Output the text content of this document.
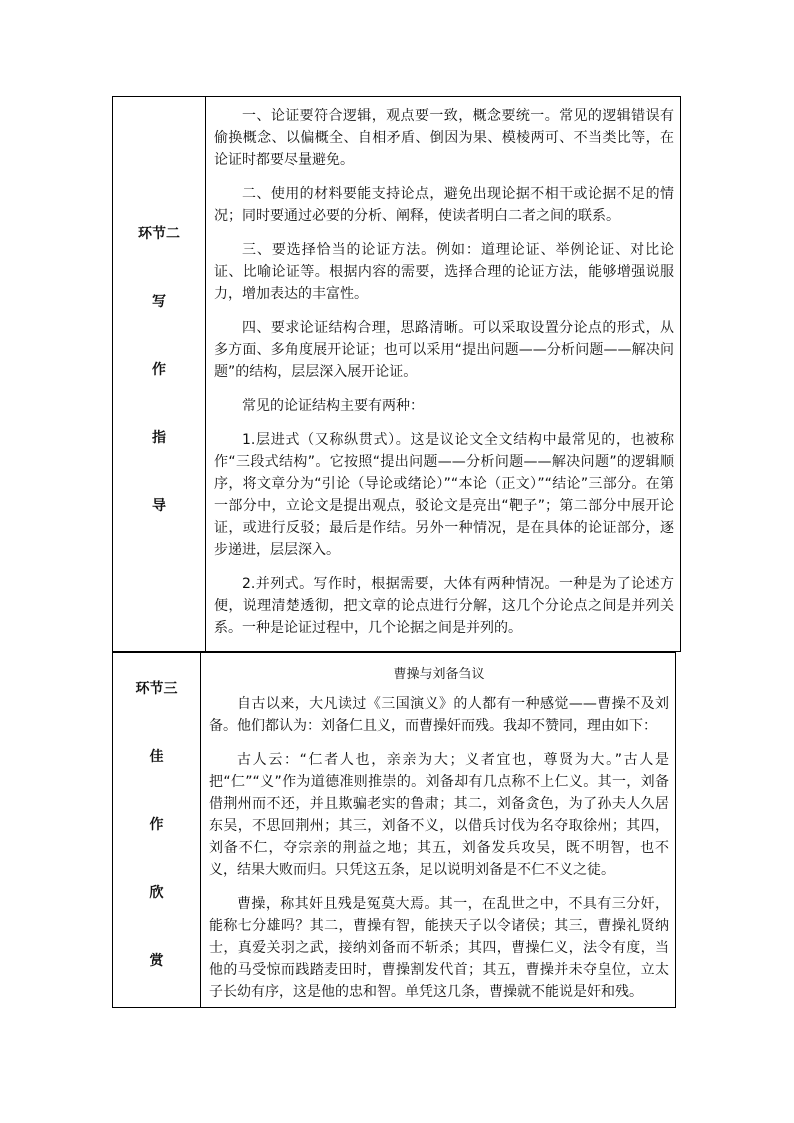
环节二
写
作
指
导

一、论证要符合逻辑，观点要一致，概念要统一。常见的逻辑错误有偷换概念、以偏概全、自相矛盾、倒因为果、模棱两可、不当类比等，在论证时都要尽量避免。

二、使用的材料要能支持论点，避免出现论据不相干或论据不足的情况；同时要通过必要的分析、阐释，使读者明白二者之间的联系。

三、要选择恰当的论证方法。例如：道理论证、举例论证、对比论证、比喻论证等。根据内容的需要，选择合理的论证方法，能够增强说服力，增加表达的丰富性。

四、要求论证结构合理，思路清晰。可以采取设置分论点的形式，从多方面、多角度展开论证；也可以采用“提出问题——分析问题——解决问题”的结构，层层深入展开论证。

常见的论证结构主要有两种：

1.层进式（又称纵贯式）。这是议论文全文结构中最常见的，也被称作“三段式结构”。它按照“提出问题——分析问题——解决问题”的逻辑顺序，将文章分为“引论（导论或绪论）”“本论（正文）”“结论”三部分。在第一部分中，立论文是提出观点，驳论文是亮出“靶子”；第二部分中展开论证，或进行反驳；最后是作结。另外一种情况，是在具体的论证部分，逐步递进，层层深入。

2.并列式。写作时，根据需要，大体有两种情况。一种是为了论述方便，说理清楚透彻，把文章的论点进行分解，这几个分论点之间是并列关系。一种是论证过程中，几个论据之间是并列的。

环节三
佳
作
欣
赏
曹操与刘备刍议

自古以来，大凡读过《三国演义》的人都有一种感觉——曹操不及刘备。他们都认为：刘备仁且义，而曹操奸而残。我却不赞同，理由如下：

古人云：“仁者人也，亲亲为大；义者宜也，尊贤为大。”古人是把“仁”“义”作为道德准则推崇的。刘备却有几点称不上仁义。其一，刘备借荆州而不还，并且欺骗老实的鲁肃；其二，刘备贪色，为了孙夫人久居东吴，不思回荆州；其三，刘备不义，以借兵讨伐为名夺取徐州；其四，刘备不仁，夺宗亲的荆益之地；其五，刘备发兵攻吴，既不明智，也不义，结果大败而归。只凭这五条，足以说明刘备是不仁不义之徒。

曹操，称其奸且残是冤莫大焉。其一，在乱世之中，不具有三分奸，能称七分雄吗？其二，曹操有智，能挟天子以令诸侯；其三，曹操礼贤纳士，真爱关羽之武，接纳刘备而不斩杀；其四，曹操仁义，法令有度，当他的马受惊而践踏麦田时，曹操割发代首；其五，曹操并未夺皇位，立太子长幼有序，这是他的忠和智。单凭这几条，曹操就不能说是奸和残。
